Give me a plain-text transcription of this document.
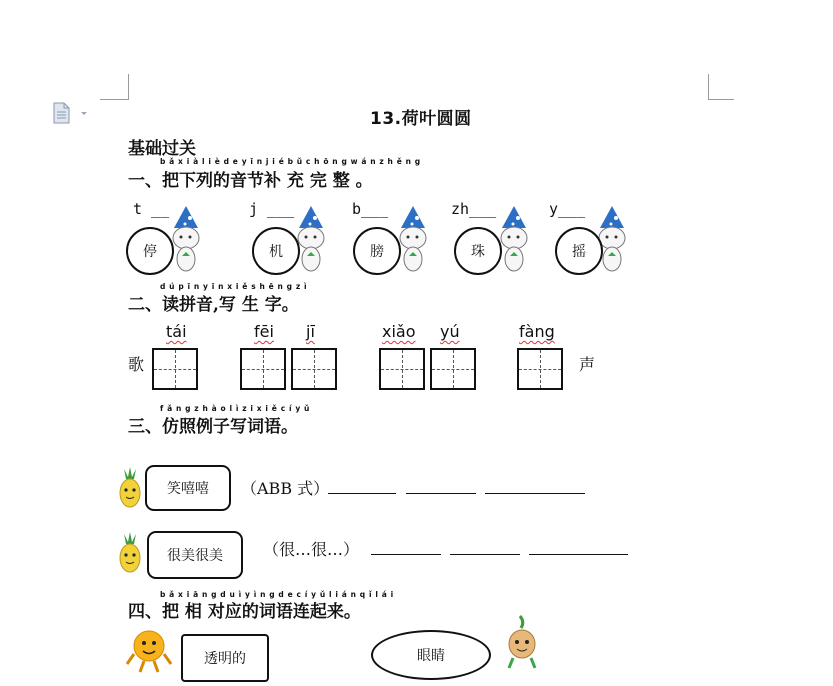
13.荷叶圆圆
基础过关
b ǎ x i à l i è d e y ī n j i é b ǔ c h ō n g w á n z h ě n g
一、把下列的音节补 充 完 整 。
t __	j ___	b___	zh___	y___
停	机	膀	珠	摇
d ú p ī n y ī n x i ě s h ē n g z ì
二、读拼音,写 生 字。
tái	fēi jī	xiǎo yú	fàng
歌	声
f ǎ n g z h à o l ì z i x i ě c í y ǔ
三、仿照例子写词语。
笑嘻嘻	（ABB 式）
很美很美	（很…很…）
b ǎ x i ā n g d u ì y ì n g d e c í y ǔ l i á n q ǐ l á i
四、把 相 对应的词语连起来。
透明的	眼睛
